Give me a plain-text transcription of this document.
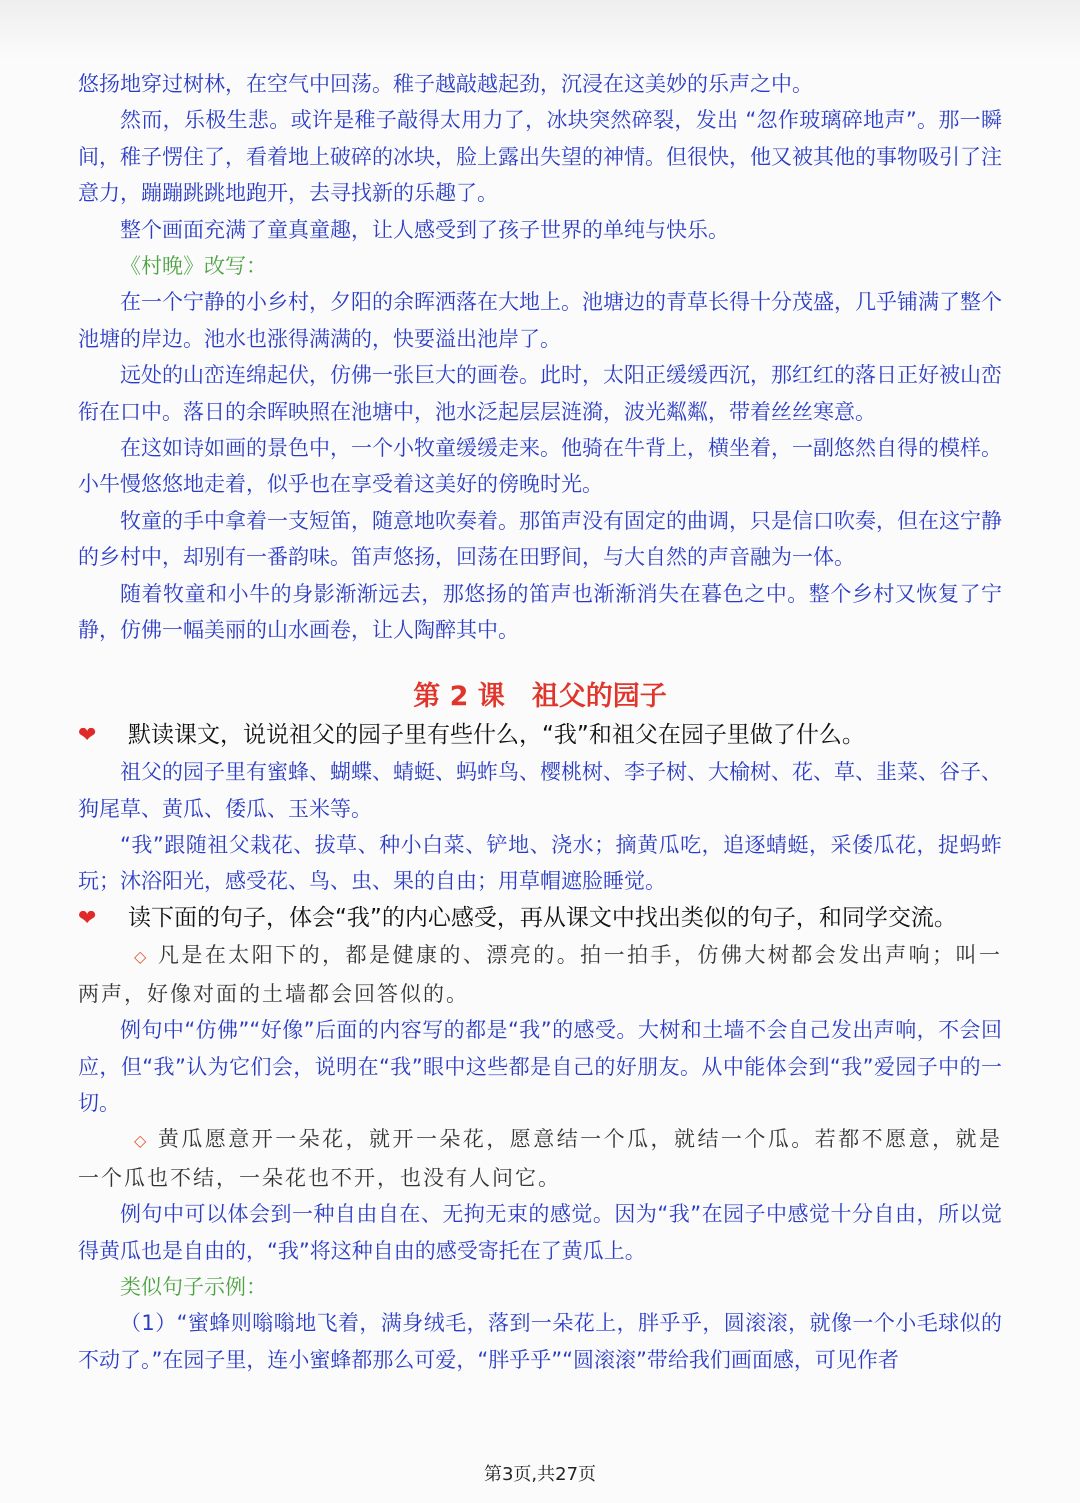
悠扬地穿过树林，在空气中回荡。稚子越敲越起劲，沉浸在这美妙的乐声之中。

然而，乐极生悲。或许是稚子敲得太用力了，冰块突然碎裂，发出 “忽作玻璃碎地声”。那一瞬间，稚子愣住了，看着地上破碎的冰块，脸上露出失望的神情。但很快，他又被其他的事物吸引了注意力，蹦蹦跳跳地跑开，去寻找新的乐趣了。

整个画面充满了童真童趣，让人感受到了孩子世界的单纯与快乐。

《村晚》改写：

在一个宁静的小乡村，夕阳的余晖洒落在大地上。池塘边的青草长得十分茂盛，几乎铺满了整个池塘的岸边。池水也涨得满满的，快要溢出池岸了。

远处的山峦连绵起伏，仿佛一张巨大的画卷。此时，太阳正缓缓西沉，那红红的落日正好被山峦衔在口中。落日的余晖映照在池塘中，池水泛起层层涟漪，波光粼粼，带着丝丝寒意。

在这如诗如画的景色中，一个小牧童缓缓走来。他骑在牛背上，横坐着，一副悠然自得的模样。小牛慢悠悠地走着，似乎也在享受着这美好的傍晚时光。

牧童的手中拿着一支短笛，随意地吹奏着。那笛声没有固定的曲调，只是信口吹奏，但在这宁静的乡村中，却别有一番韵味。笛声悠扬，回荡在田野间，与大自然的声音融为一体。

随着牧童和小牛的身影渐渐远去，那悠扬的笛声也渐渐消失在暮色之中。整个乡村又恢复了宁静，仿佛一幅美丽的山水画卷，让人陶醉其中。

第 2 课　祖父的园子

❤ 默读课文，说说祖父的园子里有些什么，“我”和祖父在园子里做了什么。

祖父的园子里有蜜蜂、蝴蝶、蜻蜓、蚂蚱鸟、樱桃树、李子树、大榆树、花、草、韭菜、谷子、狗尾草、黄瓜、倭瓜、玉米等。

“我”跟随祖父栽花、拔草、种小白菜、铲地、浇水；摘黄瓜吃，追逐蜻蜓，采倭瓜花，捉蚂蚱玩；沐浴阳光，感受花、鸟、虫、果的自由；用草帽遮脸睡觉。

❤ 读下面的句子，体会“我”的内心感受，再从课文中找出类似的句子，和同学交流。

◇ 凡是在太阳下的，都是健康的、漂亮的。拍一拍手，仿佛大树都会发出声响；叫一两声，好像对面的土墙都会回答似的。

例句中“仿佛”“好像”后面的内容写的都是“我”的感受。大树和土墙不会自己发出声响，不会回应，但“我”认为它们会，说明在“我”眼中这些都是自己的好朋友。从中能体会到“我”爱园子中的一切。

◇ 黄瓜愿意开一朵花，就开一朵花，愿意结一个瓜，就结一个瓜。若都不愿意，就是一个瓜也不结，一朵花也不开，也没有人问它。

例句中可以体会到一种自由自在、无拘无束的感觉。因为“我”在园子中感觉十分自由，所以觉得黄瓜也是自由的，“我”将这种自由的感受寄托在了黄瓜上。

类似句子示例：

（1）“蜜蜂则嗡嗡地飞着，满身绒毛，落到一朵花上，胖乎乎，圆滚滚，就像一个小毛球似的不动了。”在园子里，连小蜜蜂都那么可爱，“胖乎乎”“圆滚滚”带给我们画面感，可见作者

第3页,共27页
